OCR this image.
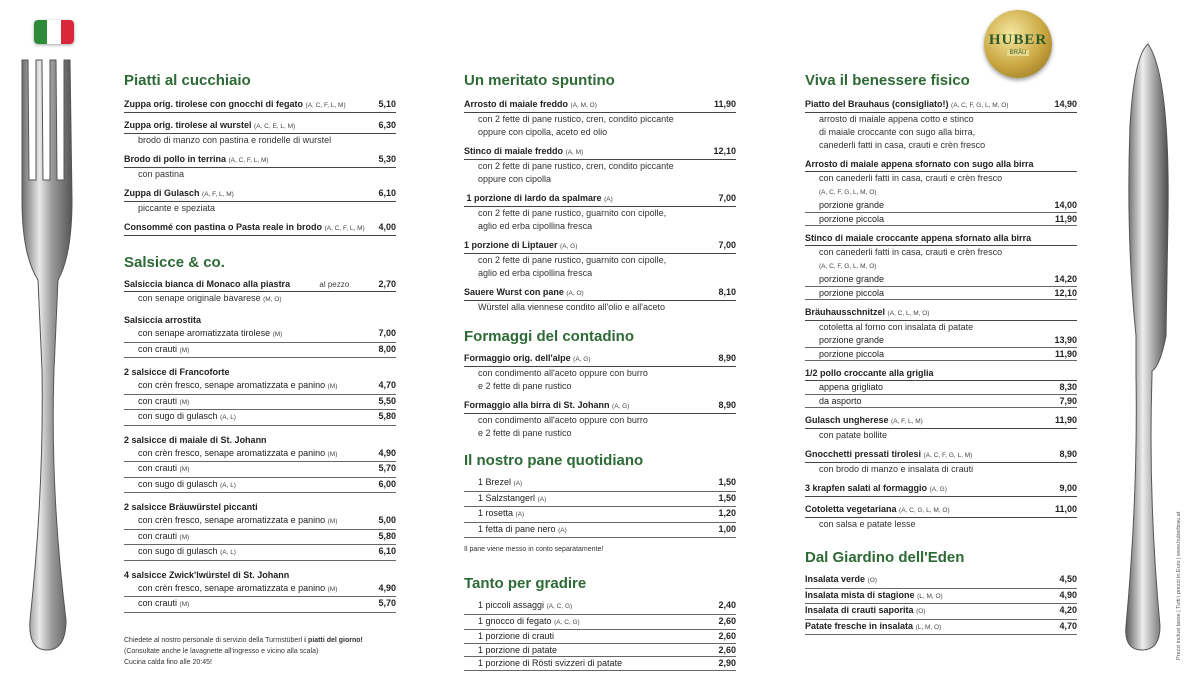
HUBER
BRÄU
Prezzi inclusi tasse | Tutti i prezzi in Euro | www.huberbrau.at
Piatti al cucchiaio
Zuppa orig. tirolese con gnocchi di fegato (A, C, F, L, M)	5,10
Zuppa orig. tirolese al wurstel (A, C, E, L, M)	6,30
brodo di manzo con pastina e rondelle di wurstel
Brodo di pollo in terrina (A, C, F, L, M)	5,30
con pastina
Zuppa di Gulasch (A, F, L, M)	6,10
piccante e speziata
Consommé con pastina o Pasta reale in brodo (A, C, F, L, M) 4,00
Salsicce & co.
Salsiccia bianca di Monaco alla piastra	al pezzo	2,70
con senape originale bavarese (M, O)
Salsiccia arrostita
con senape aromatizzata tirolese (M)	7,00
con crauti (M)	8,00
2 salsicce di Francoforte
con crèn fresco, senape aromatizzata e panino (M)	4,70
con crauti (M)	5,50
con sugo di gulasch (A, L)	5,80
2 salsicce di maiale di St. Johann
con crèn fresco, senape aromatizzata e panino (M)	4,90
con crauti (M)	5,70
con sugo di gulasch (A, L)	6,00
2 salsicce Bräuwürstel piccanti
con crèn fresco, senape aromatizzata e panino (M)	5,00
con crauti (M)	5,80
con sugo di gulasch (A, L)	6,10
4 salsicce Zwick'lwürstel di St. Johann
con crèn fresco, senape aromatizzata e panino (M)	4,90
con crauti (M)	5,70
Chiedete al nostro personale di servizio della Turmstüberl i piatti del giorno!
(Consultate anche le lavagnette all'ingresso e vicino alla scala)
Cucina calda fino alle 20:45!
Un meritato spuntino
Arrosto di maiale freddo (A, M, O)	11,90
con 2 fette di pane rustico, cren, condito piccante
oppure con cipolla, aceto ed olio
Stinco di maiale freddo (A, M)	12,10
con 2 fette di pane rustico, cren, condito piccante
oppure con cipolla
1 porzione di lardo da spalmare (A)	7,00
con 2 fette di pane rustico, guarnito con cipolle,
aglio ed erba cipollina fresca
1 porzione di Liptauer (A, G)	7,00
con 2 fette di pane rustico, guarnito con cipolle,
aglio ed erba cipollina fresca
Sauere Wurst con pane (A, O)	8,10
Würstel alla viennese condito all'olio e all'aceto
Formaggi del contadino
Formaggio orig. dell'alpe (A, G)	8,90
con condimento all'aceto oppure con burro
e 2 fette di pane rustico
Formaggio alla birra di St. Johann (A, G)	8,90
con condimento all'aceto oppure con burro
e 2 fette di pane rustico
Il nostro pane quotidiano
1 Brezel (A)	1,50
1 Salzstangerl (A)	1,50
1 rosetta (A)	1,20
1 fetta di pane nero (A)	1,00
Il pane viene messo in conto separatamente!
Tanto per gradire
1 piccoli assaggi (A, C, G)	2,40
1 gnocco di fegato (A, C, G)	2,60
1 porzione di crauti	2,60
1 porzione di patate	2,60
1 porzione di Rösti svizzeri di patate	2,90
Viva il benessere fisico
Piatto del Brauhaus (consigliato!) (A, C, F, G, L, M, O)	14,90
arrosto di maiale appena cotto e stinco
di maiale croccante con sugo alla birra,
canederli fatti in casa, crauti e crèn fresco
Arrosto di maiale appena sfornato con sugo alla birra
con canederli fatti in casa, crauti e crèn fresco
(A, C, F, G, L, M, O)
porzione grande	14,00
porzione piccola	11,90
Stinco di maiale croccante appena sfornato alla birra
con canederli fatti in casa, crauti e crèn fresco
(A, C, F, G, L, M, O)
porzione grande	14,20
porzione piccola	12,10
Bräuhausschnitzel (A, C, L, M, O)
cotoletta al forno con insalata di patate
porzione grande	13,90
porzione piccola	11,90
1/2 pollo croccante alla griglia
appena grigliato	8,30
da asporto	7,90
Gulasch ungherese (A, F, L, M)	11,90
con patate bollite
Gnocchetti pressati tirolesi (A, C, F, G, L, M)	8,90
con brodo di manzo e insalata di crauti
3 krapfen salati al formaggio (A, G)	9,00
Cotoletta vegetariana (A, C, G, L, M, O)	11,00
con salsa e patate lesse
Dal Giardino dell'Eden
Insalata verde (O)	4,50
Insalata mista di stagione (L, M, O)	4,90
Insalata di crauti saporita (O)	4,20
Patate fresche in insalata (L, M, O)	4,70
